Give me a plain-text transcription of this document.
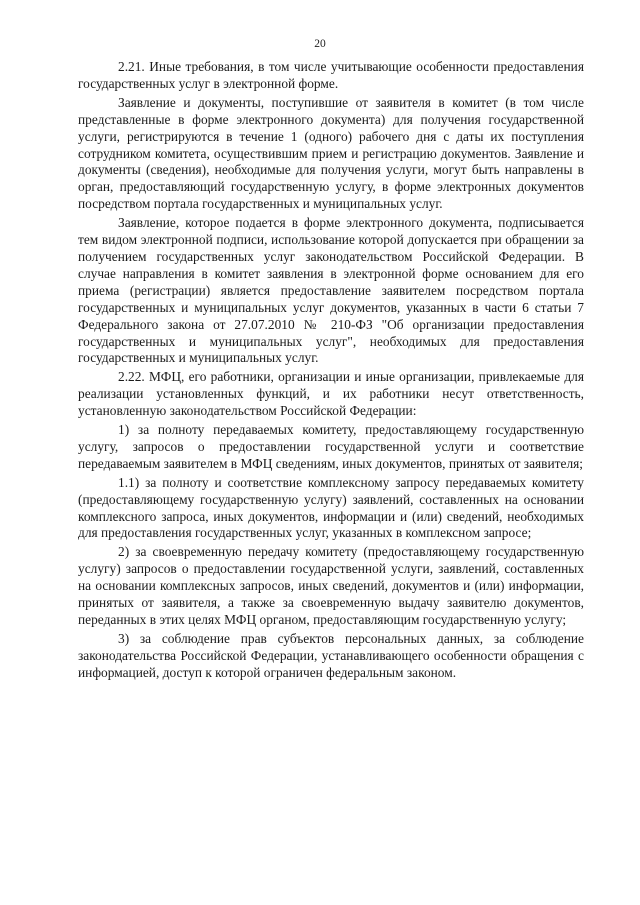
20

2.21. Иные требования, в том числе учитывающие особенности предоставления государственных услуг в электронной форме.

Заявление и документы, поступившие от заявителя в комитет (в том числе представленные в форме электронного документа) для получения государственной услуги, регистрируются в течение 1 (одного) рабочего дня с даты их поступления сотрудником комитета, осуществившим прием и регистрацию документов. Заявление и документы (сведения), необходимые для получения услуги, могут быть направлены в орган, предоставляющий государственную услугу, в форме электронных документов посредством портала государственных и муниципальных услуг.

Заявление, которое подается в форме электронного документа, подписывается тем видом электронной подписи, использование которой допускается при обращении за получением государственных услуг законодательством Российской Федерации. В случае направления в комитет заявления в электронной форме основанием для его приема (регистрации) является предоставление заявителем посредством портала государственных и муниципальных услуг документов, указанных в части 6 статьи 7 Федерального закона от 27.07.2010 № 210-ФЗ "Об организации предоставления государственных и муниципальных услуг", необходимых для предоставления государственных и муниципальных услуг.

2.22. МФЦ, его работники, организации и иные организации, привлекаемые для реализации установленных функций, и их работники несут ответственность, установленную законодательством Российской Федерации:

1) за полноту передаваемых комитету, предоставляющему государственную услугу, запросов о предоставлении государственной услуги и соответствие передаваемым заявителем в МФЦ сведениям, иных документов, принятых от заявителя;

1.1) за полноту и соответствие комплексному запросу передаваемых комитету (предоставляющему государственную услугу) заявлений, составленных на основании комплексного запроса, иных документов, информации и (или) сведений, необходимых для предоставления государственных услуг, указанных в комплексном запросе;

2) за своевременную передачу комитету (предоставляющему государственную услугу) запросов о предоставлении государственной услуги, заявлений, составленных на основании комплексных запросов, иных сведений, документов и (или) информации, принятых от заявителя, а также за своевременную выдачу заявителю документов, переданных в этих целях МФЦ органом, предоставляющим государственную услугу;

3) за соблюдение прав субъектов персональных данных, за соблюдение законодательства Российской Федерации, устанавливающего особенности обращения с информацией, доступ к которой ограничен федеральным законом.
